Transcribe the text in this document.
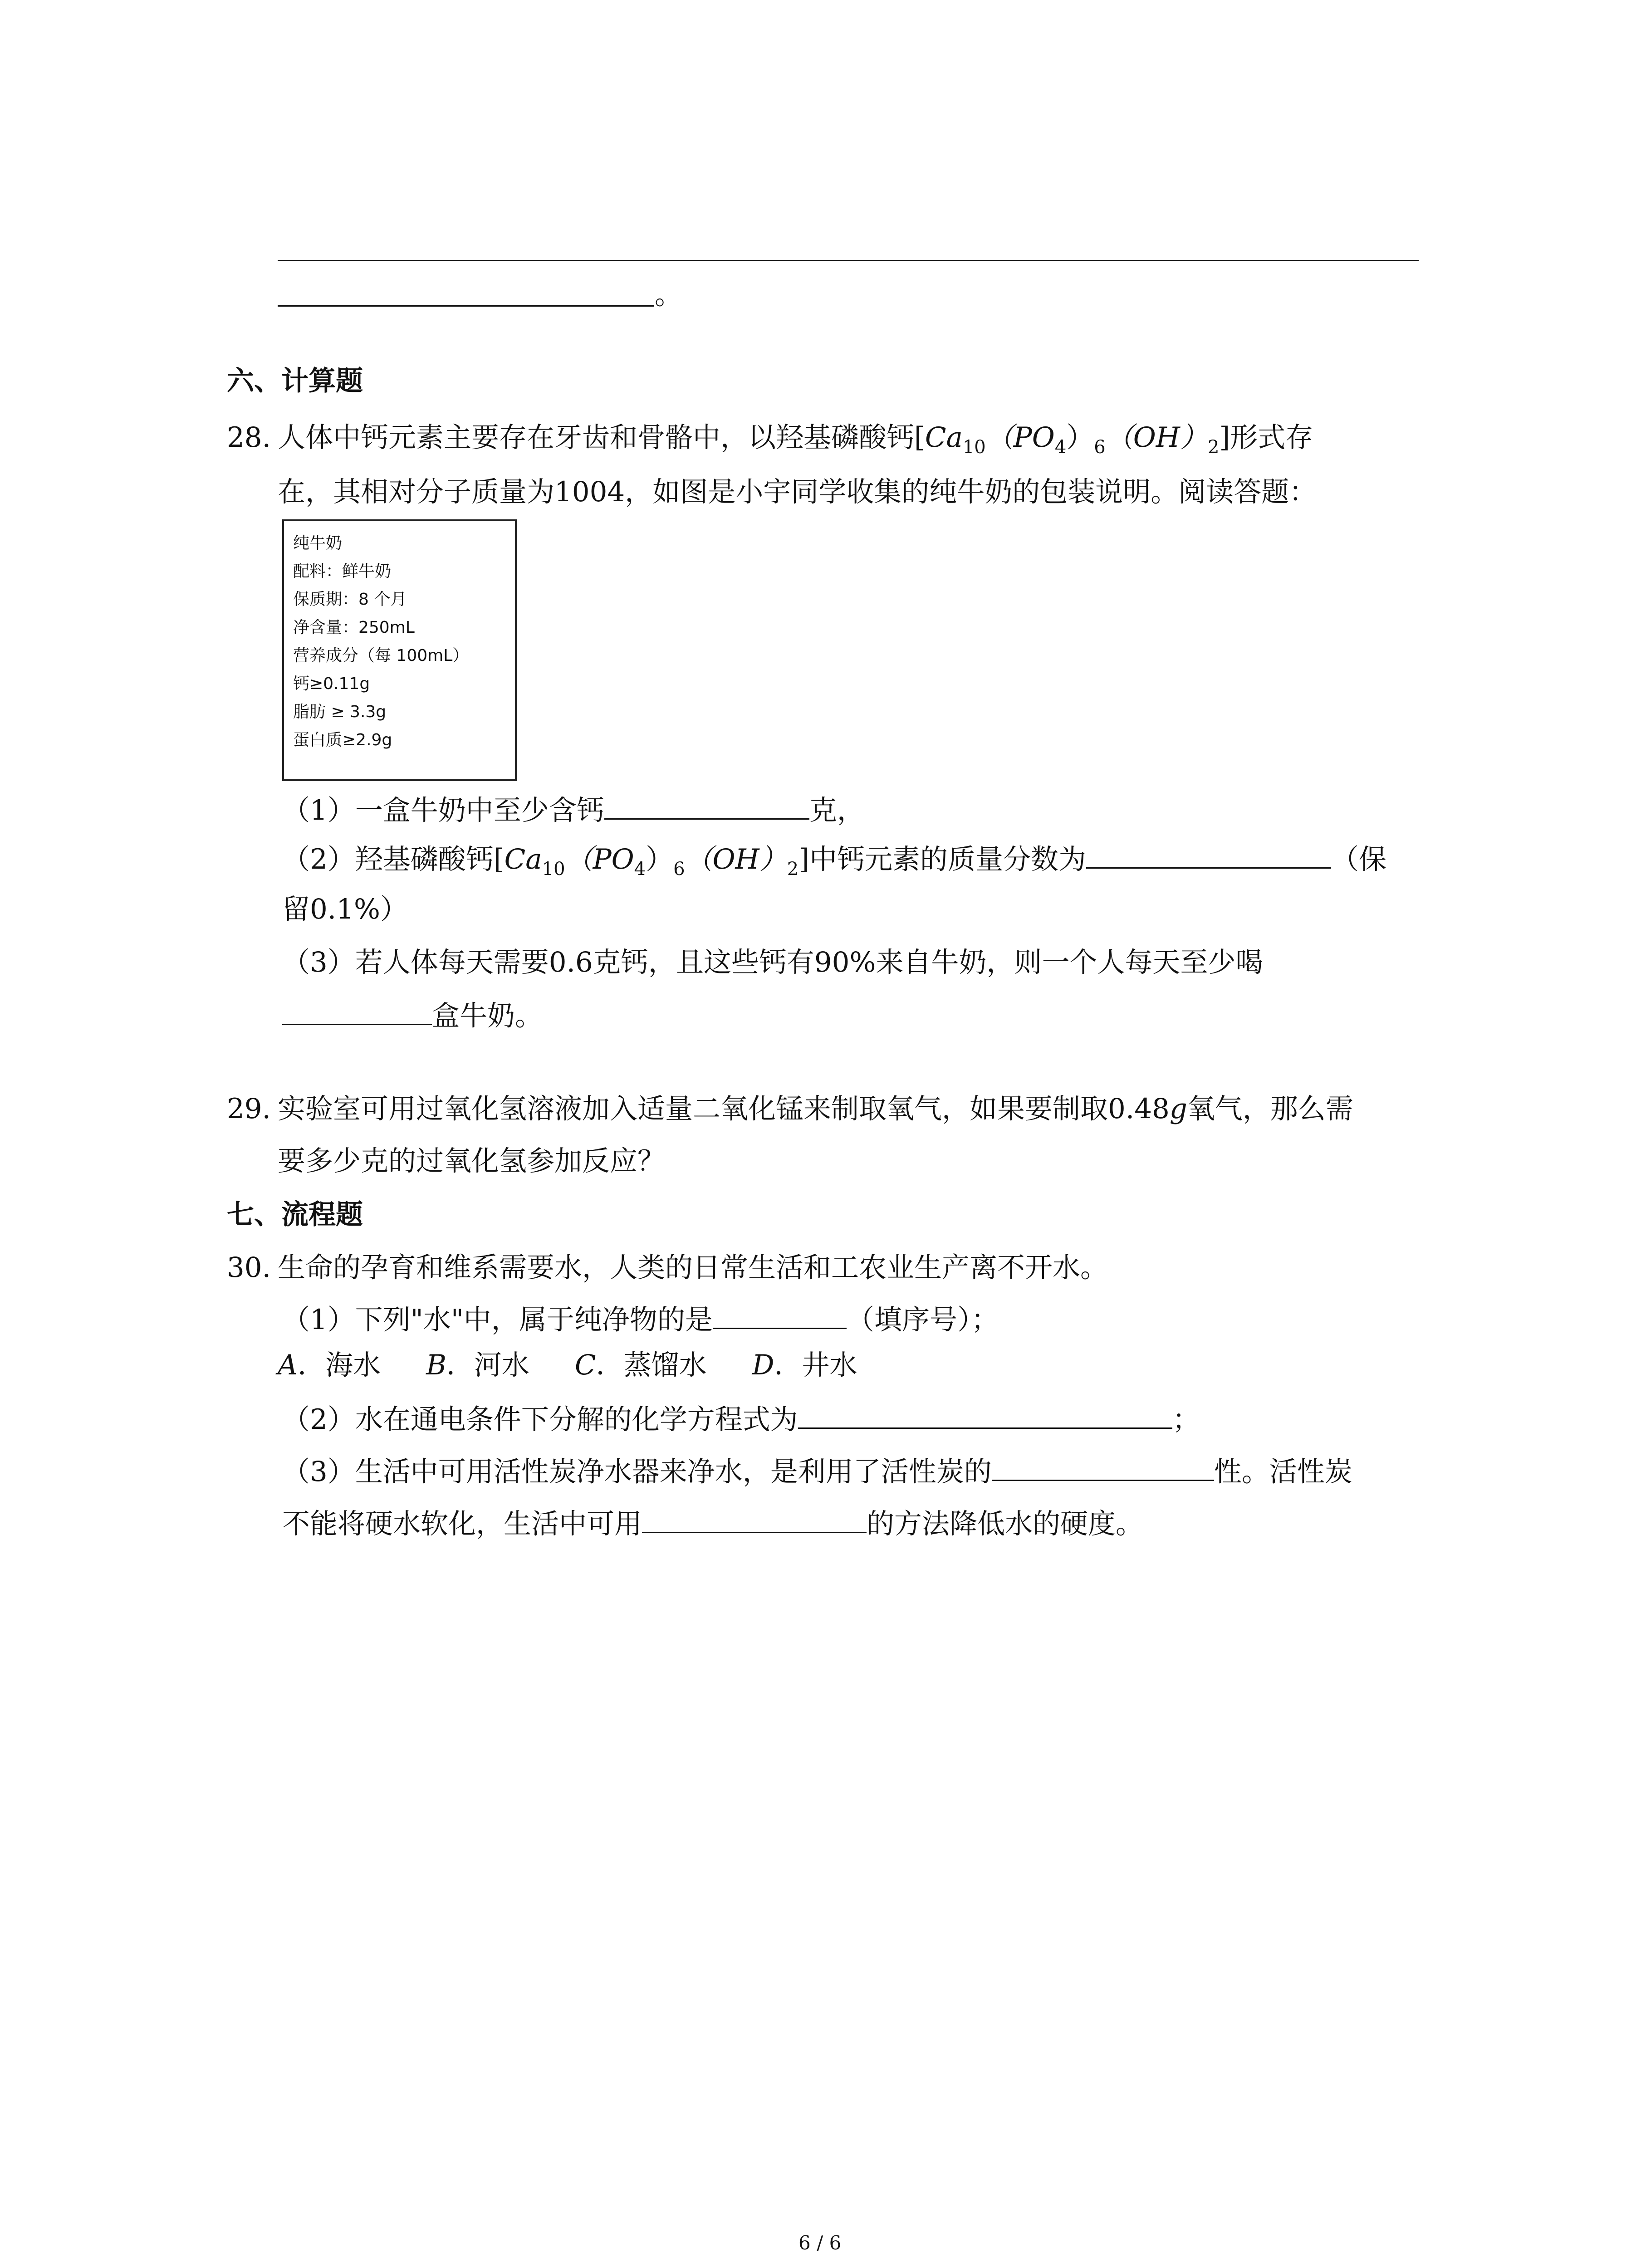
。
六、计算题
28. 人体中钙元素主要存在牙齿和骨骼中，以羟基磷酸钙$[Ca_{10}(PO_4)_6(OH)_2]$形式存
在，其相对分子质量为1004，如图是小宇同学收集的纯牛奶的包装说明。阅读答题：
纯牛奶
配料：鲜牛奶
保质期：8 个月
净含量：250mL
营养成分（每 100mL）
钙≥0.11g
脂肪 ≥ 3.3g
蛋白质≥2.9g
（1）一盒牛奶中至少含钙	克，
（2）羟基磷酸钙$[Ca_{10}(PO_4)_6(OH)_2]$中钙元素的质量分数为	（保
留0.1%）
（3）若人体每天需要0.6克钙，且这些钙有90%来自牛奶，则一个人每天至少喝
盒牛奶。
29. 实验室可用过氧化氢溶液加入适量二氧化锰来制取氧气，如果要制取0.48g氧气，那么需
要多少克的过氧化氢参加反应？
七、流程题
30. 生命的孕育和维系需要水，人类的日常生活和工农业生产离不开水。
（1）下列"水"中，属于纯净物的是	（填序号）；
A．海水 B．河水 C．蒸馏水 D．井水
（2）水在通电条件下分解的化学方程式为	；
（3）生活中可用活性炭净水器来净水，是利用了活性炭的	性。活性炭
不能将硬水软化，生活中可用	的方法降低水的硬度。
6 / 6
